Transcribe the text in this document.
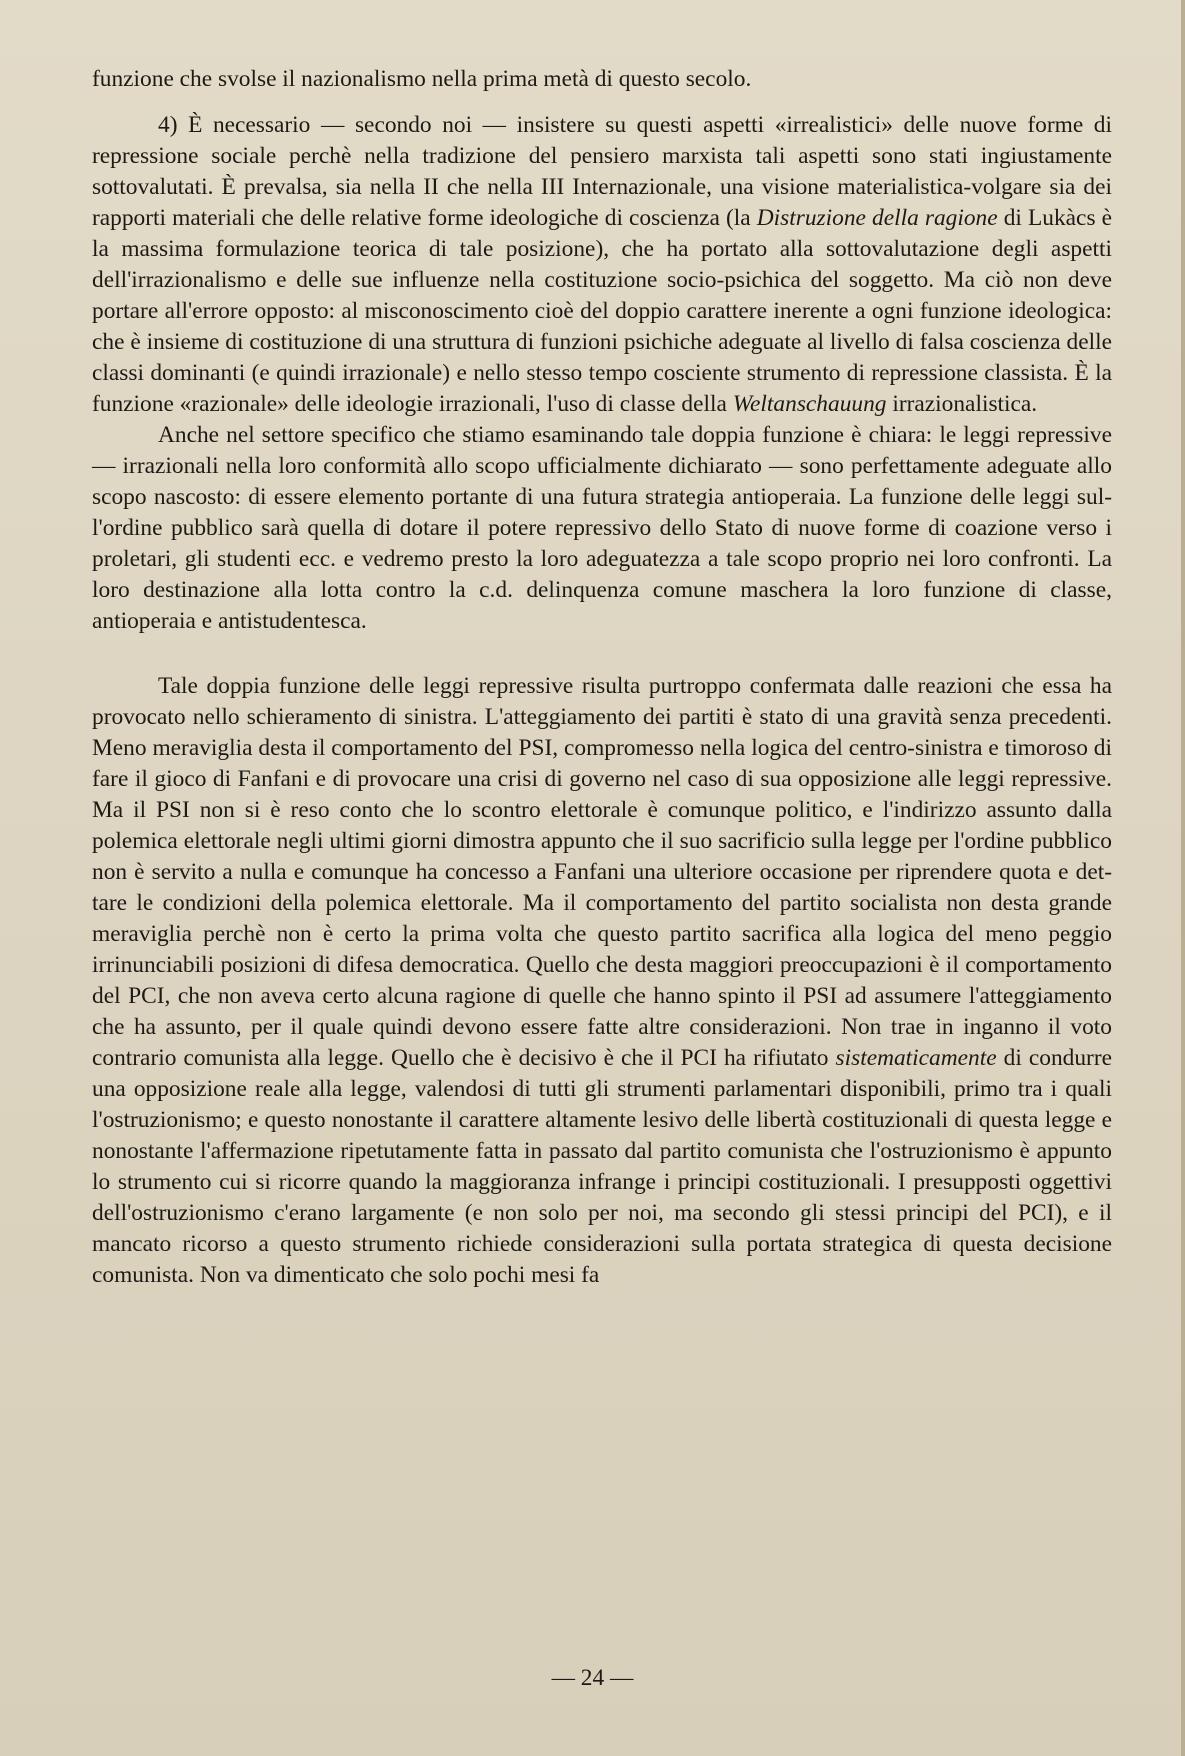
funzione che svolse il nazionalismo nella prima metà di questo secolo.

4) È necessario — secondo noi — insistere su questi aspetti «irrealistici» delle nuove forme di repressione sociale perchè nella tradizione del pensiero marxista tali aspetti sono stati ingiustamente sottovalutati. È prevalsa, sia nella II che nella III Internazionale, una visione materialistica-volgare sia dei rapporti materiali che delle relative forme ideologiche di coscienza (la Distruzione della ragione di Lukàcs è la massima formulazione teorica di tale posizione), che ha portato alla sottovalutazione degli aspetti dell'irrazionalismo e delle sue influenze nella costituzione socio-psichica del soggetto. Ma ciò non deve portare all'errore opposto: al misconoscimento cioè del doppio carattere inerente a ogni funzione ideologica: che è insieme di costituzione di una struttura di funzioni psichiche adeguate al livello di falsa coscienza delle classi dominanti (e quindi irrazionale) e nello stesso tempo cosciente strumento di repressione classista. È la funzione «razionale» delle ideologie irrazionali, l'uso di classe della Weltanschauung irrazionalistica.

Anche nel settore specifico che stiamo esaminando tale doppia funzione è chiara: le leggi repressive — irrazionali nella loro conformità allo scopo ufficialmente dichiarato — sono perfettamente adeguate allo scopo nascosto: di essere elemento portante di una futura strategia antioperaia. La funzione delle leggi sull'ordine pubblico sarà quella di dotare il potere repressivo dello Stato di nuove forme di coazione verso i proletari, gli studenti ecc. e vedremo presto la loro adeguatezza a tale scopo proprio nei loro confronti. La loro destinazione alla lotta contro la c.d. delinquenza comune maschera la loro funzione di classe, antioperaia e antistudentesca.

Tale doppia funzione delle leggi repressive risulta purtroppo confermata dalle reazioni che essa ha provocato nello schieramento di sinistra. L'atteggiamento dei partiti è stato di una gravità senza precedenti. Meno meraviglia desta il comportamento del PSI, compromesso nella logica del centro-sinistra e timoroso di fare il gioco di Fanfani e di provocare una crisi di governo nel caso di sua opposizione alle leggi repressive. Ma il PSI non si è reso conto che lo scontro elettorale è comunque politico, e l'indirizzo assunto dalla polemica elettorale negli ultimi giorni dimostra appunto che il suo sacrificio sulla legge per l'ordine pubblico non è servito a nulla e comunque ha concesso a Fanfani una ulteriore occasione per riprendere quota e dettare le condizioni della polemica elettorale. Ma il comportamento del partito socialista non desta grande meraviglia perchè non è certo la prima volta che questo partito sacrifica alla logica del meno peggio irrinunciabili posizioni di difesa democratica. Quello che desta maggiori preoccupazioni è il comportamento del PCI, che non aveva certo alcuna ragione di quelle che hanno spinto il PSI ad assumere l'atteggiamento che ha assunto, per il quale quindi devono essere fatte altre considerazioni. Non trae in inganno il voto contrario comunista alla legge. Quello che è decisivo è che il PCI ha rifiutato sistematicamente di condurre una opposizione reale alla legge, valendosi di tutti gli strumenti parlamentari disponibili, primo tra i quali l'ostruzionismo; e questo nonostante il carattere altamente lesivo delle libertà costituzionali di questa legge e nonostante l'affermazione ripetutamente fatta in passato dal partito comunista che l'ostruzionismo è appunto lo strumento cui si ricorre quando la maggioranza infrange i principi costituzionali. I presupposti oggettivi dell'ostruzionismo c'erano largamente (e non solo per noi, ma secondo gli stessi principi del PCI), e il mancato ricorso a questo strumento richiede considerazioni sulla portata strategica di questa decisione comunista. Non va dimenticato che solo pochi mesi fa

— 24 —
